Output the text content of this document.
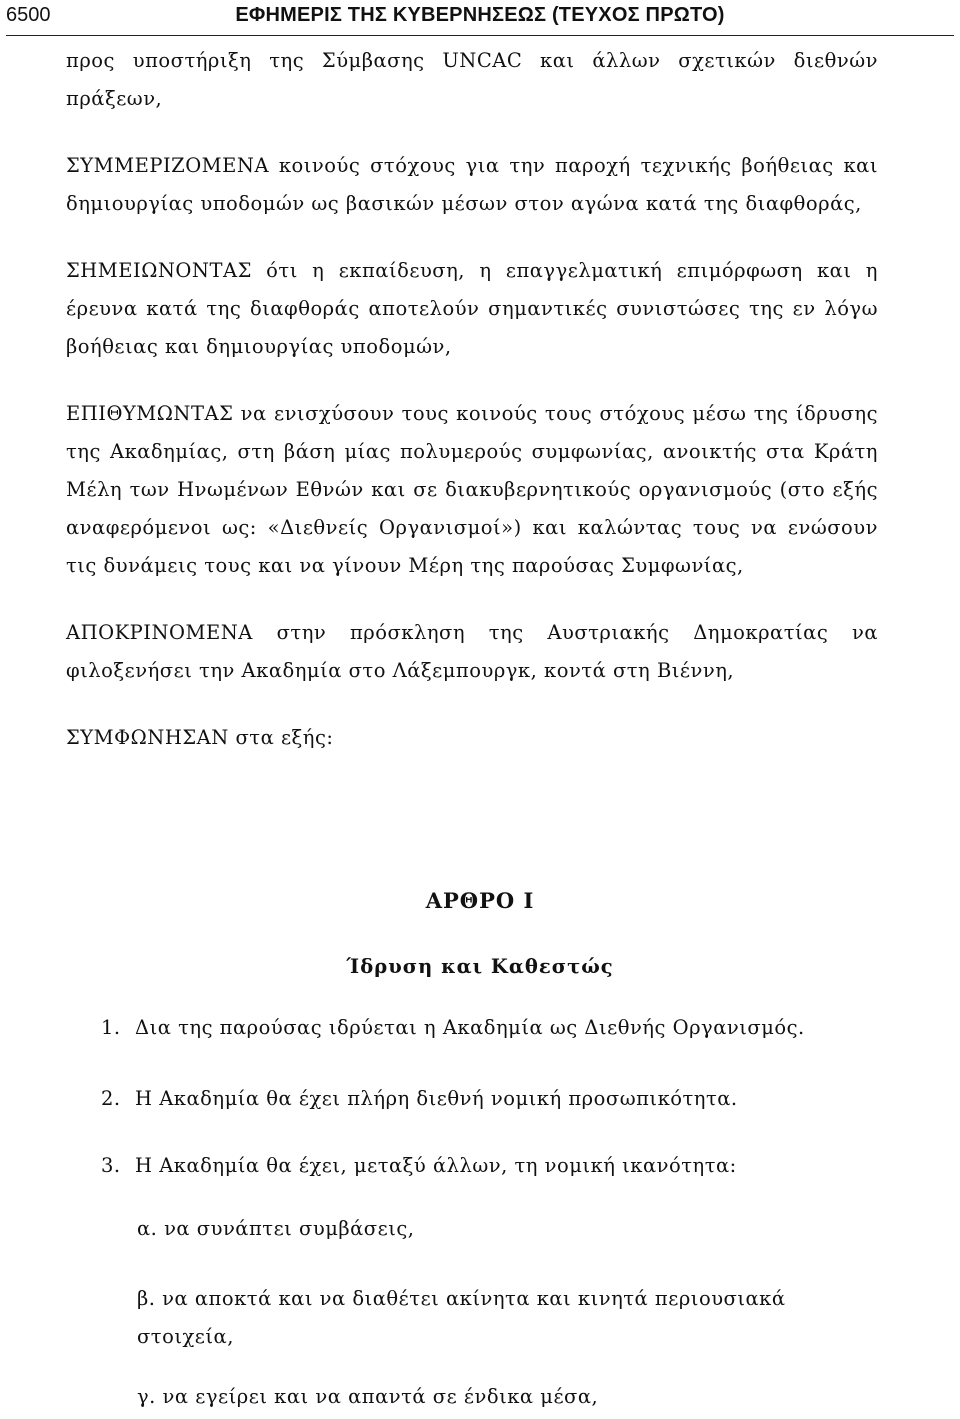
6500	ΕΦΗΜΕΡΙΣ ΤΗΣ ΚΥΒΕΡΝΗΣΕΩΣ (ΤΕΥΧΟΣ ΠΡΩΤΟ)

προς υποστήριξη της Σύμβασης UNCAC και άλλων σχετικών διεθνών πράξεων,

ΣΥΜΜΕΡΙΖΟΜΕΝΑ κοινούς στόχους για την παροχή τεχνικής βοήθειας και δημιουργίας υποδομών ως βασικών μέσων στον αγώνα κατά της διαφθοράς,

ΣΗΜΕΙΩΝΟΝΤΑΣ ότι η εκπαίδευση, η επαγγελματική επιμόρφωση και η έρευνα κατά της διαφθοράς αποτελούν σημαντικές συνιστώσες της εν λόγω βοήθειας και δημιουργίας υποδομών,

ΕΠΙΘΥΜΩΝΤΑΣ να ενισχύσουν τους κοινούς τους στόχους μέσω της ίδρυσης της Ακαδημίας, στη βάση μίας πολυμερούς συμφωνίας, ανοικτής στα Κράτη Μέλη των Ηνωμένων Εθνών και σε διακυβερνητικούς οργανισμούς (στο εξής αναφερόμενοι ως: «Διεθνείς Οργανισμοί») και καλώντας τους να ενώσουν τις δυνάμεις τους και να γίνουν Μέρη της παρούσας Συμφωνίας,

ΑΠΟΚΡΙΝΟΜΕΝΑ στην πρόσκληση της Αυστριακής Δημοκρατίας να φιλοξενήσει την Ακαδημία στο Λάξεμπουργκ, κοντά στη Βιέννη,

ΣΥΜΦΩΝΗΣΑΝ στα εξής:

ΑΡΘΡΟ Ι
Ίδρυση και Καθεστώς
1. Δια της παρούσας ιδρύεται η Ακαδημία ως Διεθνής Οργανισμός.
2. Η Ακαδημία θα έχει πλήρη διεθνή νομική προσωπικότητα.
3. Η Ακαδημία θα έχει, μεταξύ άλλων, τη νομική ικανότητα:
α. να συνάπτει συμβάσεις,
β. να αποκτά και να διαθέτει ακίνητα και κινητά περιουσιακά στοιχεία,
γ. να εγείρει και να απαντά σε ένδικα μέσα,
